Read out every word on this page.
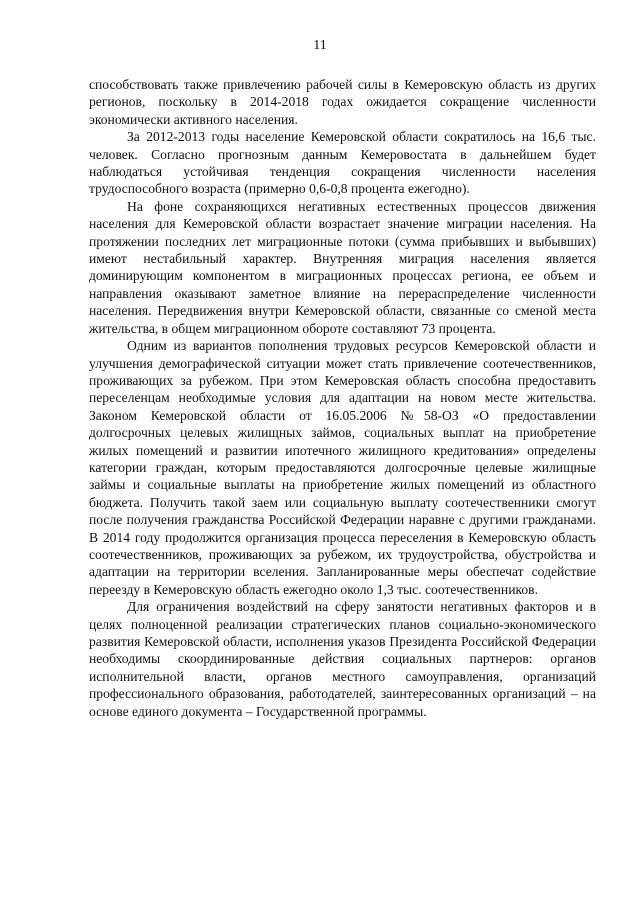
11

способствовать также привлечению рабочей силы в Кемеровскую область из других регионов, поскольку в 2014-2018 годах ожидается сокращение численности экономически активного населения.

За 2012-2013 годы население Кемеровской области сократилось на 16,6 тыс. человек. Согласно прогнозным данным Кемеровостата в дальнейшем будет наблюдаться устойчивая тенденция сокращения численности населения трудоспособного возраста (примерно 0,6-0,8 процента ежегодно).

На фоне сохраняющихся негативных естественных процессов движения населения для Кемеровской области возрастает значение миграции населения. На протяжении последних лет миграционные потоки (сумма прибывших и выбывших) имеют нестабильный характер. Внутренняя миграция населения является доминирующим компонентом в миграционных процессах региона, ее объем и направления оказывают заметное влияние на перераспределение численности населения. Передвижения внутри Кемеровской области, связанные со сменой места жительства, в общем миграционном обороте составляют 73 процента.

Одним из вариантов пополнения трудовых ресурсов Кемеровской области и улучшения демографической ситуации может стать привлечение соотечественников, проживающих за рубежом. При этом Кемеровская область способна предоставить переселенцам необходимые условия для адаптации на новом месте жительства. Законом Кемеровской области от 16.05.2006 №58-ОЗ «О предоставлении долгосрочных целевых жилищных займов, социальных выплат на приобретение жилых помещений и развитии ипотечного жилищного кредитования» определены категории граждан, которым предоставляются долгосрочные целевые жилищные займы и социальные выплаты на приобретение жилых помещений из областного бюджета. Получить такой заем или социальную выплату соотечественники смогут после получения гражданства Российской Федерации наравне с другими гражданами. В 2014 году продолжится организация процесса переселения в Кемеровскую область соотечественников, проживающих за рубежом, их трудоустройства, обустройства и адаптации на территории вселения. Запланированные меры обеспечат содействие переезду в Кемеровскую область ежегодно около 1,3 тыс. соотечественников.

Для ограничения воздействий на сферу занятости негативных факторов и в целях полноценной реализации стратегических планов социально-экономического развития Кемеровской области, исполнения указов Президента Российской Федерации необходимы скоординированные действия социальных партнеров: органов исполнительной власти, органов местного самоуправления, организаций профессионального образования, работодателей, заинтересованных организаций – на основе единого документа – Государственной программы.
